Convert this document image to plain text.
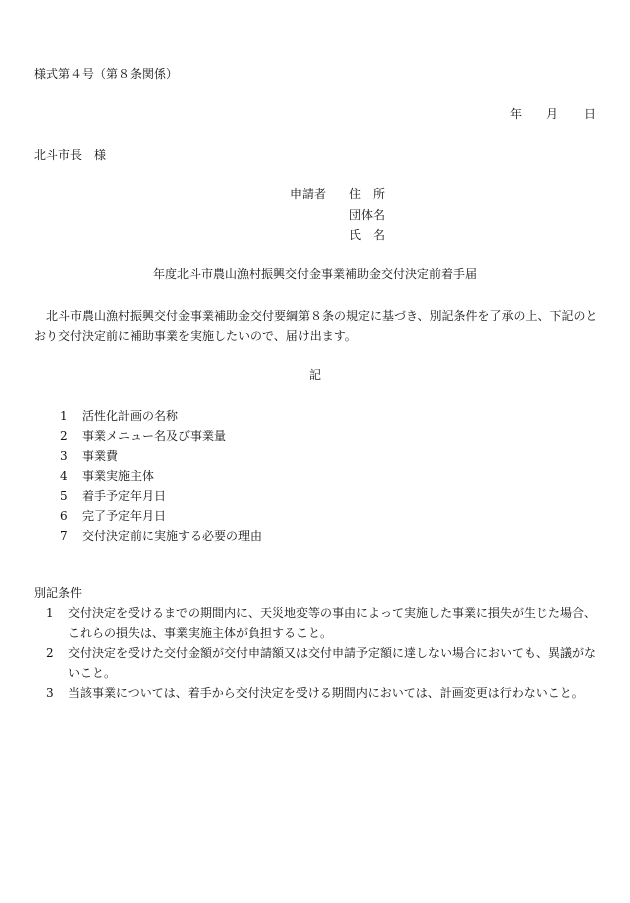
様式第４号（第８条関係）
年 月 日
北斗市長　様
申請者 住　所
団体名
氏　名
年度北斗市農山漁村振興交付金事業補助金交付決定前着手届
北斗市農山漁村振興交付金事業補助金交付要綱第８条の規定に基づき、別記条件を了承の上、下記のとおり交付決定前に補助事業を実施したいので、届け出ます。
記
1 活性化計画の名称
2 事業メニュー名及び事業量
3 事業費
4 事業実施主体
5 着手予定年月日
6 完了予定年月日
7 交付決定前に実施する必要の理由
別記条件
1 交付決定を受けるまでの期間内に、天災地変等の事由によって実施した事業に損失が生じた場合、これらの損失は、事業実施主体が負担すること。
2 交付決定を受けた交付金額が交付申請額又は交付申請予定額に達しない場合においても、異議がないこと。
3 当該事業については、着手から交付決定を受ける期間内においては、計画変更は行わないこと。
